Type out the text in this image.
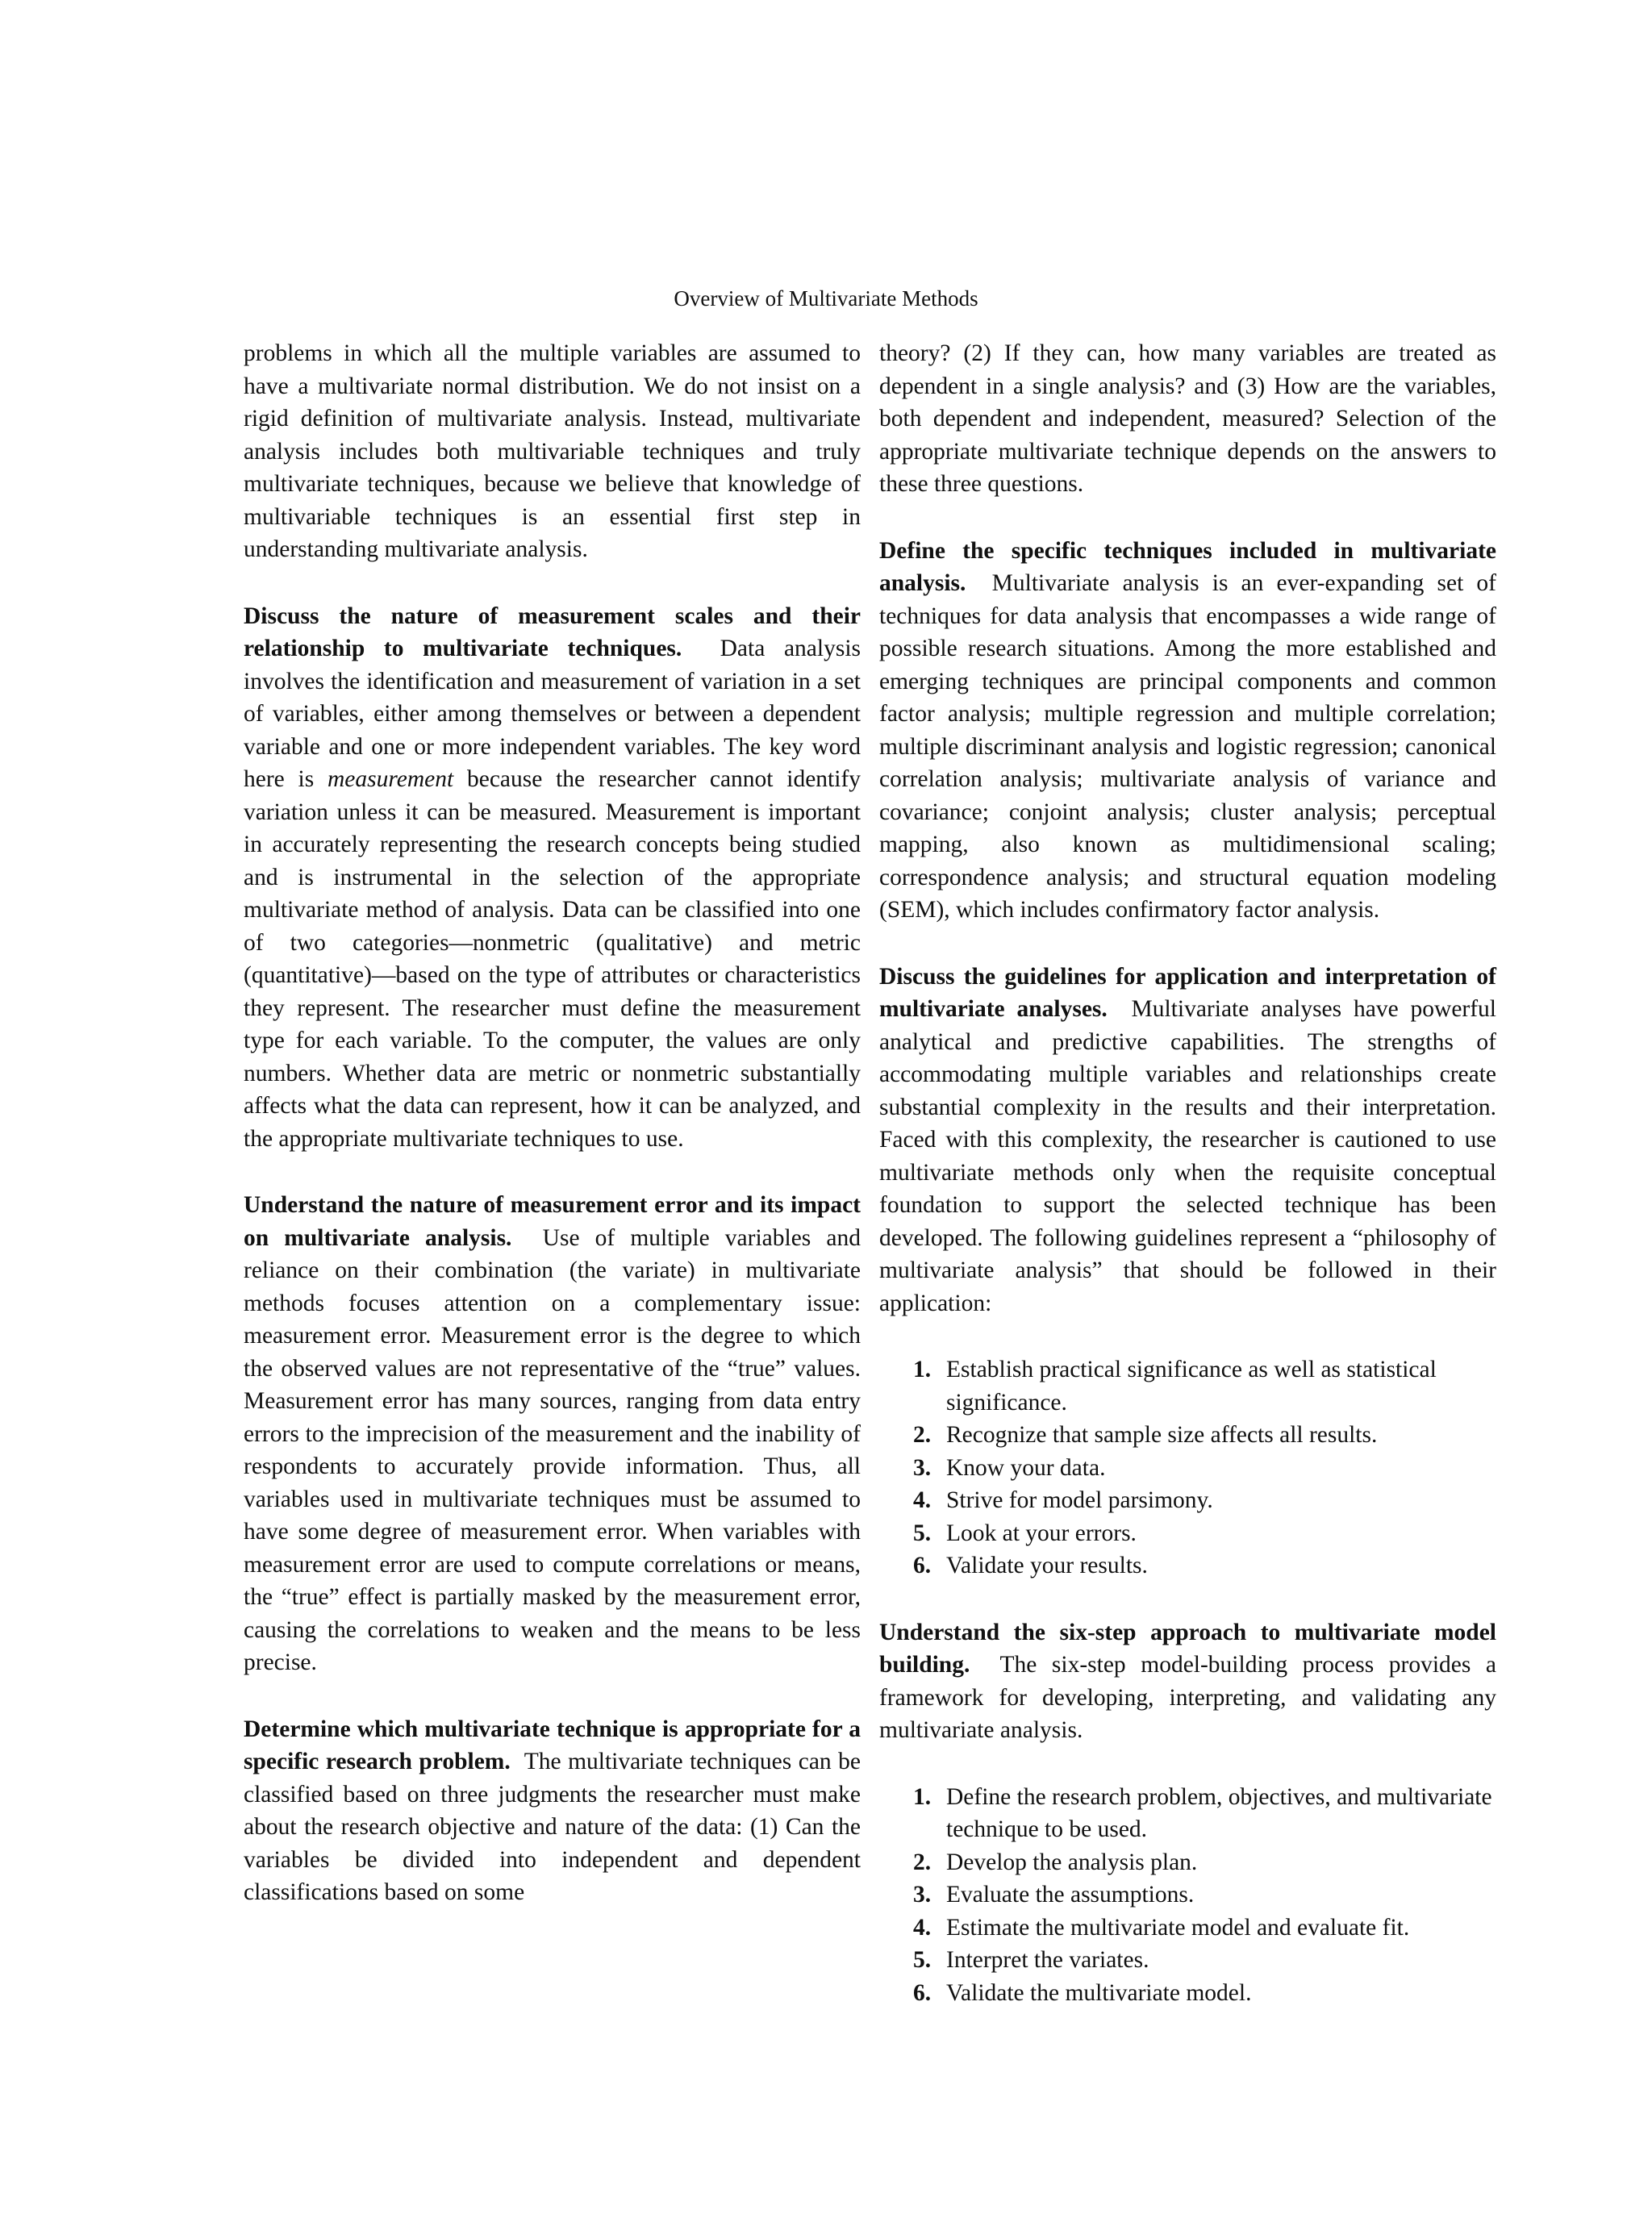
Overview of Multivariate Methods

problems in which all the multiple variables are assumed to have a multivariate normal distribution. We do not insist on a rigid definition of multivariate analysis. Instead, multivariate analysis includes both multivariable techniques and truly multivariate techniques, because we believe that knowledge of multivariable techniques is an essential first step in understanding multivariate analysis.

Discuss the nature of measurement scales and their relationship to multivariate techniques. Data analysis involves the identification and measurement of variation in a set of variables, either among themselves or between a dependent variable and one or more independent variables. The key word here is measurement because the researcher cannot identify variation unless it can be measured. Measurement is important in accurately representing the research concepts being studied and is instrumental in the selection of the appropriate multivariate method of analysis. Data can be classified into one of two categories—nonmetric (qualitative) and metric (quantitative)—based on the type of attributes or characteristics they represent. The researcher must define the measurement type for each variable. To the computer, the values are only numbers. Whether data are metric or nonmetric substantially affects what the data can represent, how it can be analyzed, and the appropriate multivariate techniques to use.

Understand the nature of measurement error and its impact on multivariate analysis. Use of multiple variables and reliance on their combination (the variate) in multivariate methods focuses attention on a complementary issue: measurement error. Measurement error is the degree to which the observed values are not representative of the “true” values. Measurement error has many sources, ranging from data entry errors to the imprecision of the measurement and the inability of respondents to accurately provide information. Thus, all variables used in multivariate techniques must be assumed to have some degree of measurement error. When variables with measurement error are used to compute correlations or means, the “true” effect is partially masked by the measurement error, causing the correlations to weaken and the means to be less precise.

Determine which multivariate technique is appropriate for a specific research problem. The multivariate techniques can be classified based on three judgments the researcher must make about the research objective and nature of the data: (1) Can the variables be divided into independent and dependent classifications based on some

theory? (2) If they can, how many variables are treated as dependent in a single analysis? and (3) How are the variables, both dependent and independent, measured? Selection of the appropriate multivariate technique depends on the answers to these three questions.

Define the specific techniques included in multivariate analysis. Multivariate analysis is an ever-expanding set of techniques for data analysis that encompasses a wide range of possible research situations. Among the more established and emerging techniques are principal components and common factor analysis; multiple regression and multiple correlation; multiple discriminant analysis and logistic regression; canonical correlation analysis; multivariate analysis of variance and covariance; conjoint analysis; cluster analysis; perceptual mapping, also known as multidimensional scaling; correspondence analysis; and structural equation modeling (SEM), which includes confirmatory factor analysis.

Discuss the guidelines for application and interpretation of multivariate analyses. Multivariate analyses have powerful analytical and predictive capabilities. The strengths of accommodating multiple variables and relationships create substantial complexity in the results and their interpretation. Faced with this complexity, the researcher is cautioned to use multivariate methods only when the requisite conceptual foundation to support the selected technique has been developed. The following guidelines represent a “philosophy of multivariate analysis” that should be followed in their application:

1. Establish practical significance as well as statistical significance.
2. Recognize that sample size affects all results.
3. Know your data.
4. Strive for model parsimony.
5. Look at your errors.
6. Validate your results.

Understand the six-step approach to multivariate model building. The six-step model-building process provides a framework for developing, interpreting, and validating any multivariate analysis.

1. Define the research problem, objectives, and multivariate technique to be used.
2. Develop the analysis plan.
3. Evaluate the assumptions.
4. Estimate the multivariate model and evaluate fit.
5. Interpret the variates.
6. Validate the multivariate model.
